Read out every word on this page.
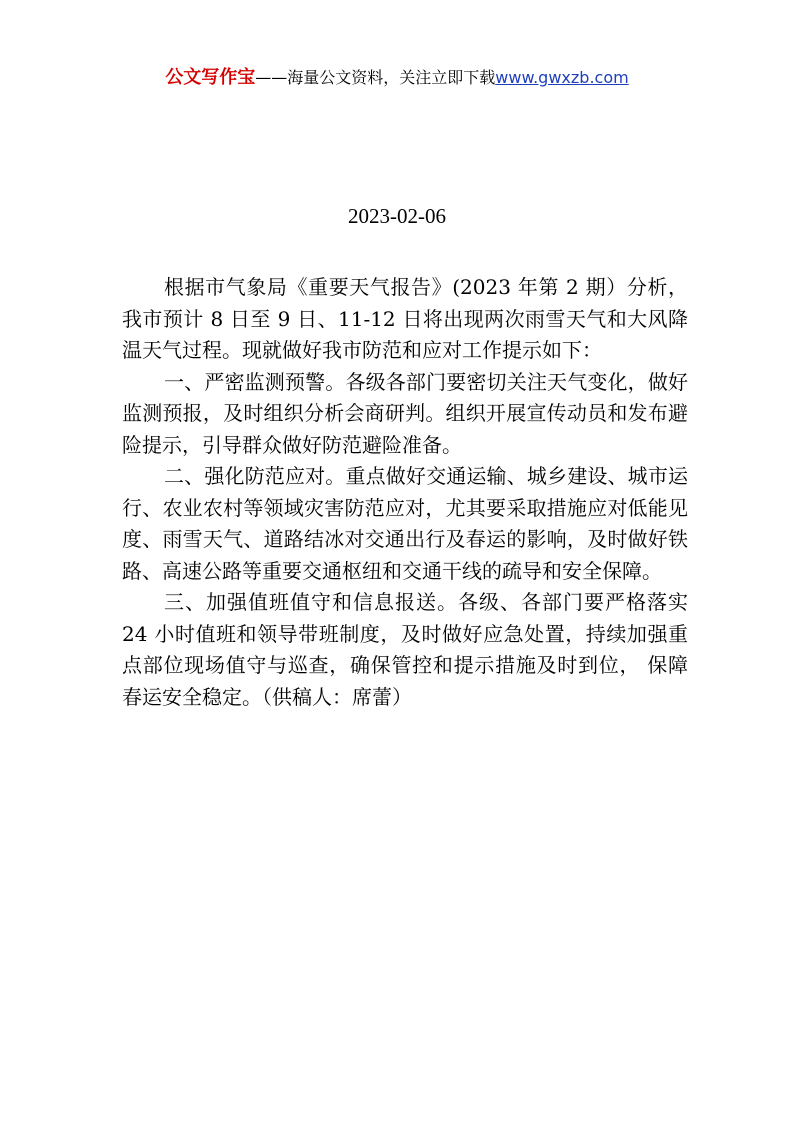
公文写作宝——海量公文资料，关注立即下载www.gwxzb.com
2023-02-06

根据市气象局《重要天气报告》(2023 年第 2 期）分析，我市预计 8 日至 9 日、11-12 日将出现两次雨雪天气和大风降温天气过程。现就做好我市防范和应对工作提示如下：

一、严密监测预警。各级各部门要密切关注天气变化，做好监测预报，及时组织分析会商研判。组织开展宣传动员和发布避险提示，引导群众做好防范避险准备。

二、强化防范应对。重点做好交通运输、城乡建设、城市运行、农业农村等领域灾害防范应对，尤其要采取措施应对低能见度、雨雪天气、道路结冰对交通出行及春运的影响，及时做好铁路、高速公路等重要交通枢纽和交通干线的疏导和安全保障。

三、加强值班值守和信息报送。各级、各部门要严格落实 24 小时值班和领导带班制度，及时做好应急处置，持续加强重点部位现场值守与巡查，确保管控和提示措施及时到位， 保障春运安全稳定。（供稿人：席蕾）
